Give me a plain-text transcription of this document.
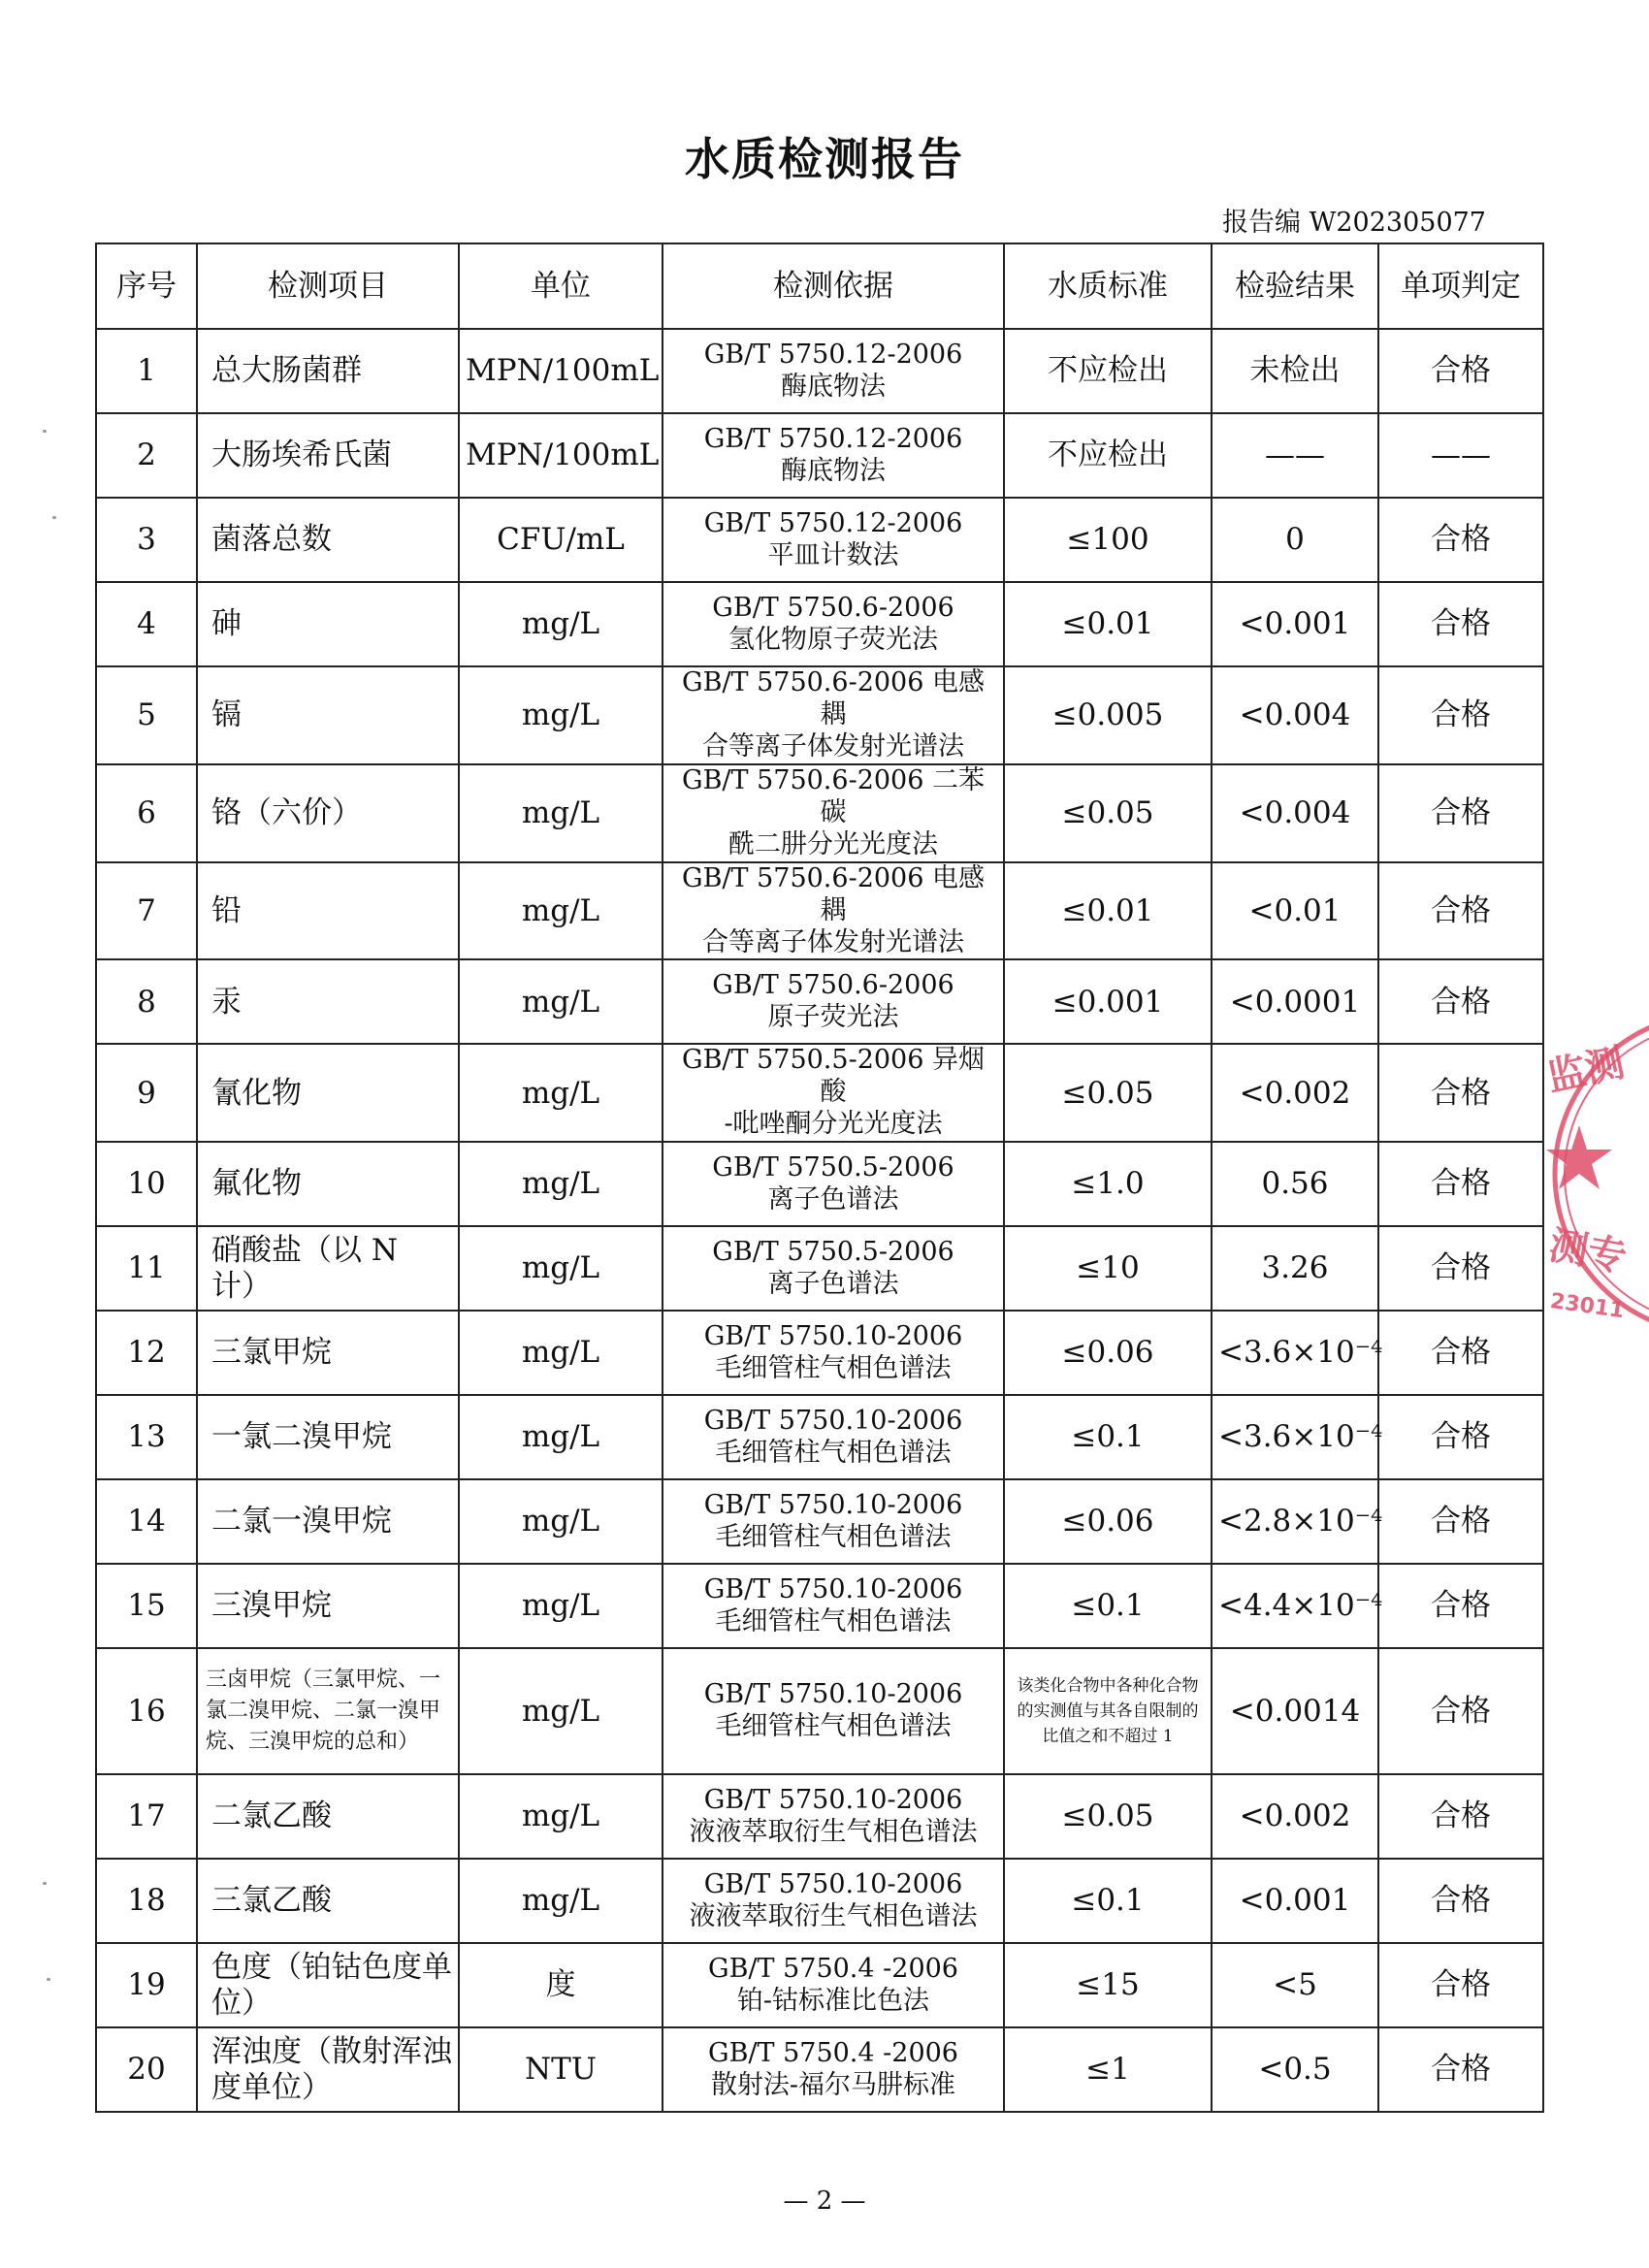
水质检测报告
报告编 W202305077
序号	检测项目	单位	检测依据	水质标准	检验结果	单项判定
1	总大肠菌群	MPN/100mL	GB/T 5750.12-2006
酶底物法	不应检出	未检出	合格
2	大肠埃希氏菌	MPN/100mL	GB/T 5750.12-2006
酶底物法	不应检出	——	——
3	菌落总数	CFU/mL	GB/T 5750.12-2006
平皿计数法	≤100	0	合格
4	砷	mg/L	GB/T 5750.6-2006
氢化物原子荧光法	≤0.01	<0.001	合格
5	镉	mg/L	GB/T 5750.6-2006 电感耦
合等离子体发射光谱法	≤0.005	<0.004	合格
6	铬（六价）	mg/L	GB/T 5750.6-2006 二苯碳
酰二肼分光光度法	≤0.05	<0.004	合格
7	铅	mg/L	GB/T 5750.6-2006 电感耦
合等离子体发射光谱法	≤0.01	<0.01	合格
8	汞	mg/L	GB/T 5750.6-2006
原子荧光法	≤0.001	<0.0001	合格
9	氰化物	mg/L	GB/T 5750.5-2006 异烟酸
-吡唑酮分光光度法	≤0.05	<0.002	合格
10	氟化物	mg/L	GB/T 5750.5-2006
离子色谱法	≤1.0	0.56	合格
11	硝酸盐（以 N 计）	mg/L	GB/T 5750.5-2006
离子色谱法	≤10	3.26	合格
12	三氯甲烷	mg/L	GB/T 5750.10-2006
毛细管柱气相色谱法	≤0.06	<3.6×10⁻⁴	合格
13	一氯二溴甲烷	mg/L	GB/T 5750.10-2006
毛细管柱气相色谱法	≤0.1	<3.6×10⁻⁴	合格
14	二氯一溴甲烷	mg/L	GB/T 5750.10-2006
毛细管柱气相色谱法	≤0.06	<2.8×10⁻⁴	合格
15	三溴甲烷	mg/L	GB/T 5750.10-2006
毛细管柱气相色谱法	≤0.1	<4.4×10⁻⁴	合格
16	三卤甲烷（三氯甲烷、一氯二溴甲烷、二氯一溴甲烷、三溴甲烷的总和）	mg/L	GB/T 5750.10-2006
毛细管柱气相色谱法	该类化合物中各种化合物的实测值与其各自限制的比值之和不超过 1	<0.0014	合格
17	二氯乙酸	mg/L	GB/T 5750.10-2006
液液萃取衍生气相色谱法	≤0.05	<0.002	合格
18	三氯乙酸	mg/L	GB/T 5750.10-2006
液液萃取衍生气相色谱法	≤0.1	<0.001	合格
19	色度（铂钴色度单位）	度	GB/T 5750.4 -2006
铂-钴标准比色法	≤15	<5	合格
20	浑浊度（散射浑浊度单位）	NTU	GB/T 5750.4 -2006
散射法-福尔马肼标准	≤1	<0.5	合格
监测
测专
23011
— 2 —
